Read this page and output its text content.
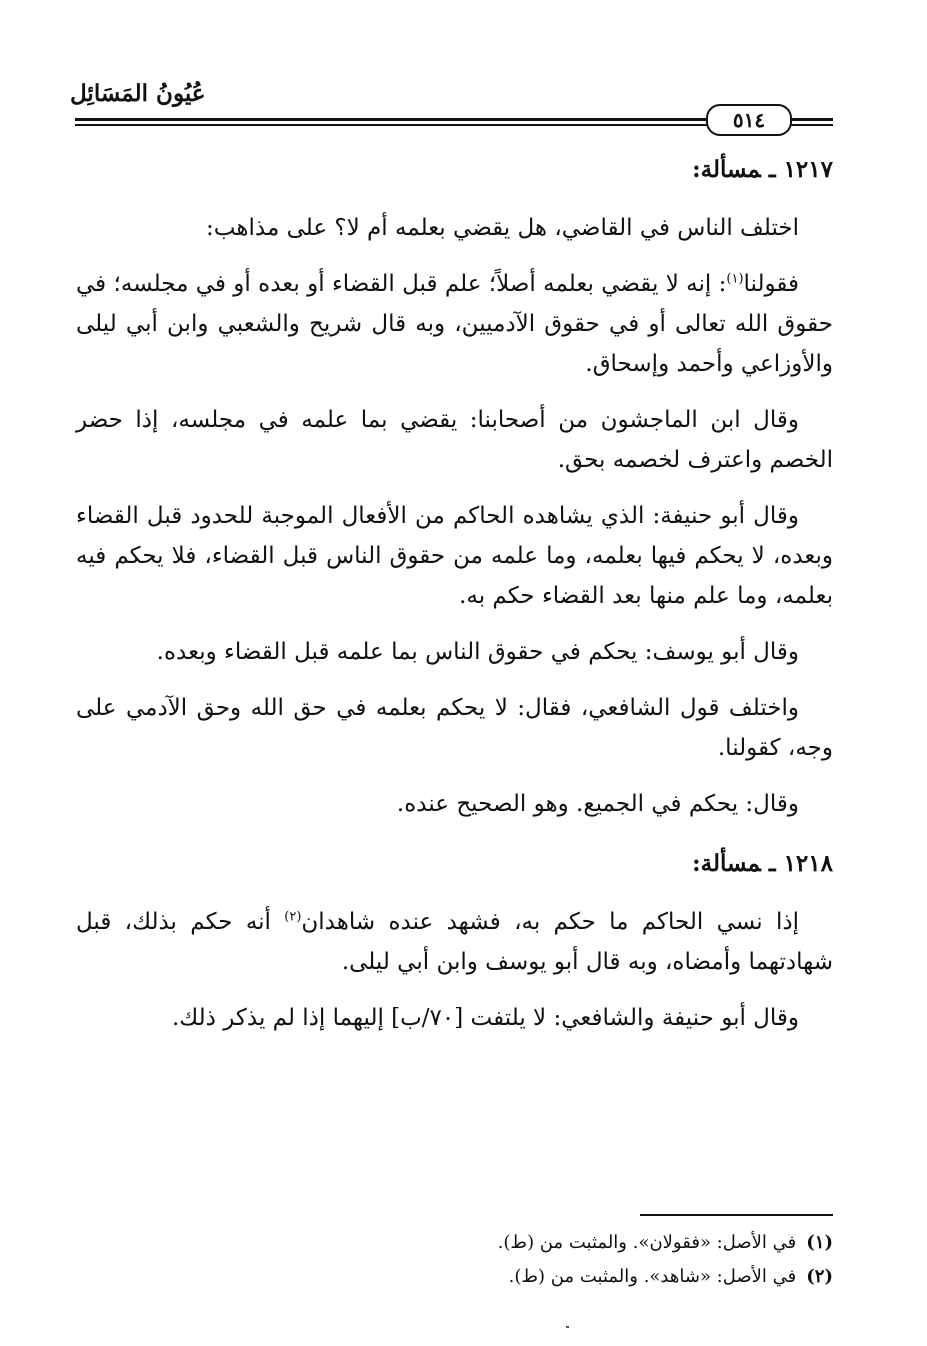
عُيُونُ المَسَائِل
٥١٤
١٢١٧ـمسألة:

اختلف الناس في القاضي، هل يقضي بعلمه أم لا؟ على مذاهب:

فقولنا$^{(١)}$: إنه لا يقضي بعلمه أصلاً؛ علم قبل القضاء أو بعده أو في مجلسه؛ في حقوق الله تعالى أو في حقوق الآدميين، وبه قال شريح والشعبي وابن أبي ليلى والأوزاعي وأحمد وإسحاق.

وقال ابن الماجشون من أصحابنا: يقضي بما علمه في مجلسه، إذا حضر الخصم واعترف لخصمه بحق.

وقال أبو حنيفة: الذي يشاهده الحاكم من الأفعال الموجبة للحدود قبل القضاء وبعده، لا يحكم فيها بعلمه، وما علمه من حقوق الناس قبل القضاء، فلا يحكم فيه بعلمه، وما علم منها بعد القضاء حكم به.

وقال أبو يوسف: يحكم في حقوق الناس بما علمه قبل القضاء وبعده.

واختلف قول الشافعي، فقال: لا يحكم بعلمه في حق الله وحق الآدمي على وجه، كقولنا.

وقال: يحكم في الجميع. وهو الصحيح عنده.

١٢١٨ـمسألة:

إذا نسي الحاكم ما حكم به، فشهد عنده شاهدان$^{(٢)}$ أنه حكم بذلك، قبل شهادتهما وأمضاه، وبه قال أبو يوسف وابن أبي ليلى.

وقال أبو حنيفة والشافعي: لا يلتفت [٧٠/ب] إليهما إذا لم يذكر ذلك.

(١)في الأصل: «فقولان». والمثبت من (ط).

(٢)في الأصل: «شاهد». والمثبت من (ط).
